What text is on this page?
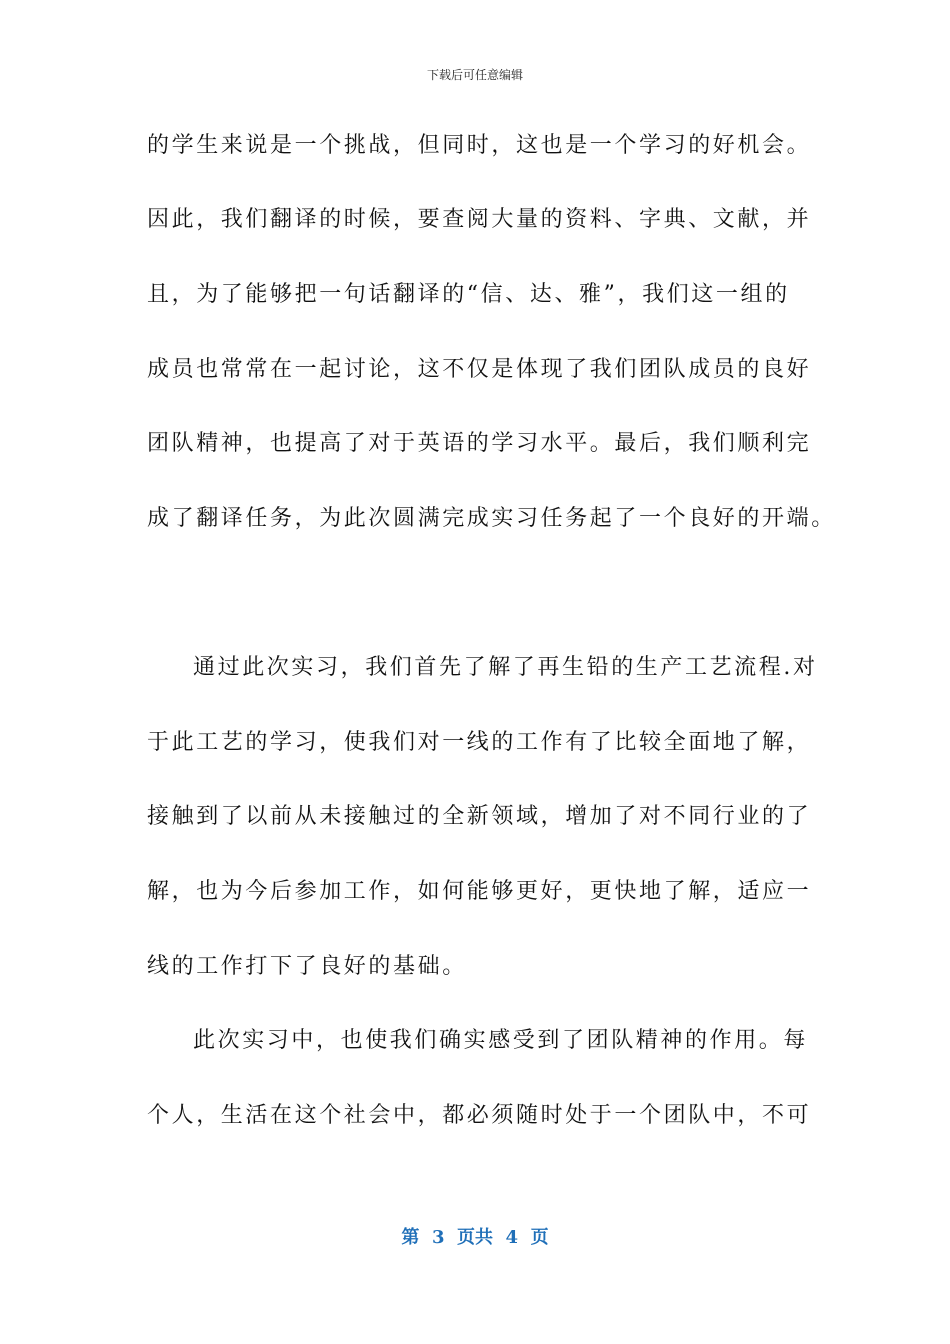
下载后可任意编辑
的学生来说是一个挑战，但同时，这也是一个学习的好机会。
因此，我们翻译的时候，要查阅大量的资料、字典、文献，并
且，为了能够把一句话翻译的“信、达、雅”，我们这一组的
成员也常常在一起讨论，这不仅是体现了我们团队成员的良好
团队精神，也提高了对于英语的学习水平。最后，我们顺利完
成了翻译任务，为此次圆满完成实习任务起了一个良好的开端。
通过此次实习，我们首先了解了再生铅的生产工艺流程.对
于此工艺的学习，使我们对一线的工作有了比较全面地了解，
接触到了以前从未接触过的全新领域，增加了对不同行业的了
解，也为今后参加工作，如何能够更好，更快地了解，适应一
线的工作打下了良好的基础。
此次实习中，也使我们确实感受到了团队精神的作用。每
个人，生活在这个社会中，都必须随时处于一个团队中，不可
第  3  页共  4  页
